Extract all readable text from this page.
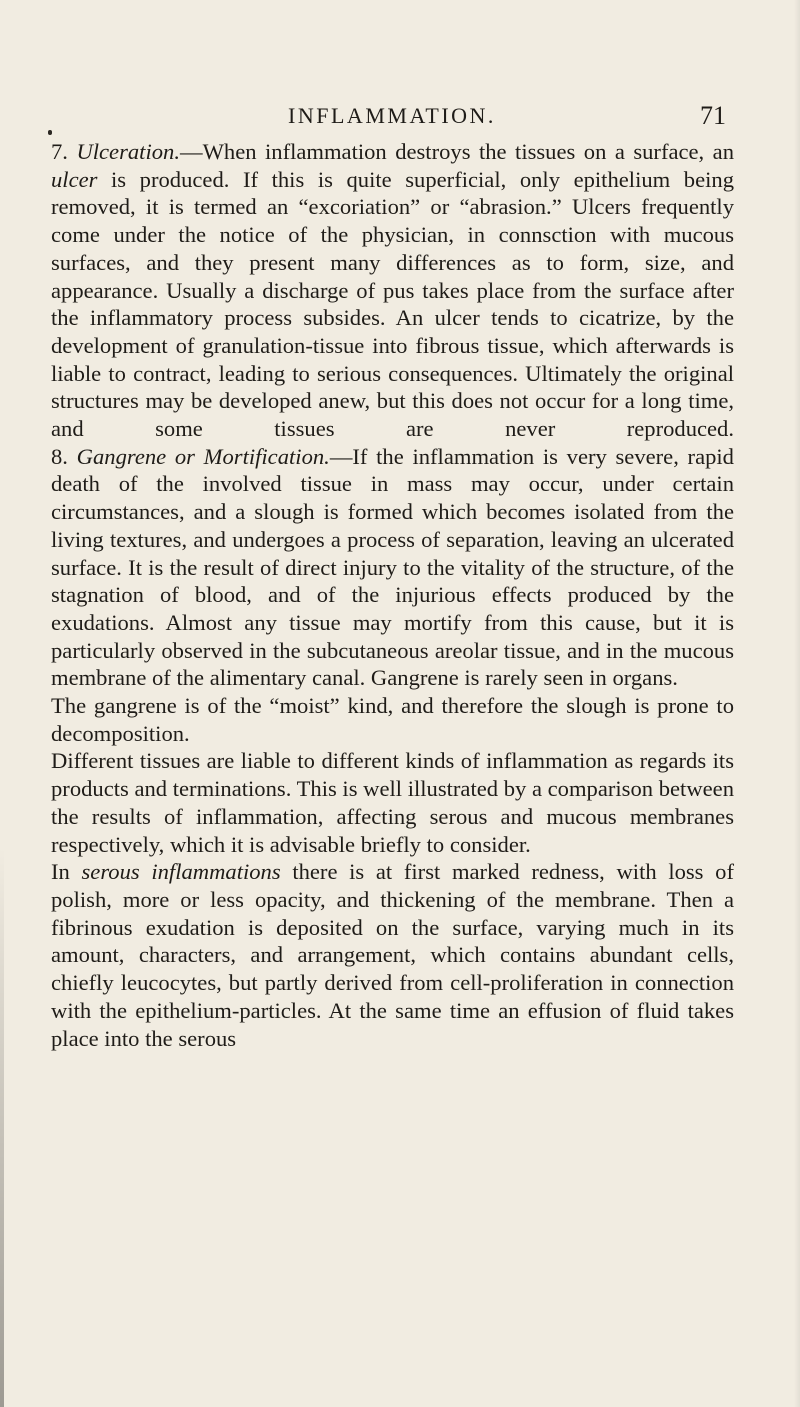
INFLAMMATION.	71

7. Ulceration.—When inflammation destroys the tissues on a surface, an ulcer is produced. If this is quite superficial, only epithelium being removed, it is termed an “excoriation” or “abrasion.” Ulcers frequently come under the notice of the physician, in connsction with mucous surfaces, and they present many differences as to form, size, and appearance. Usually a discharge of pus takes place from the surface after the inflammatory process subsides. An ulcer tends to cicatrize, by the development of granulation-tissue into fibrous tissue, which afterwards is liable to contract, leading to serious consequences. Ultimately the original structures may be developed anew, but this does not occur for a long time, and some tissues are never reproduced.

8. Gangrene or Mortification.—If the inflammation is very severe, rapid death of the involved tissue in mass may occur, under certain circumstances, and a slough is formed which becomes isolated from the living textures, and undergoes a process of separation, leaving an ulcerated surface. It is the result of direct injury to the vitality of the structure, of the stagnation of blood, and of the injurious effects produced by the exudations. Almost any tissue may mortify from this cause, but it is particularly observed in the subcutaneous areolar tissue, and in the mucous membrane of the alimentary canal. Gangrene is rarely seen in organs.

The gangrene is of the “moist” kind, and therefore the slough is prone to decomposition.

Different tissues are liable to different kinds of inflammation as regards its products and terminations. This is well illustrated by a comparison between the results of inflammation, affecting serous and mucous membranes respectively, which it is advisable briefly to consider.

In serous inflammations there is at first marked redness, with loss of polish, more or less opacity, and thickening of the membrane. Then a fibrinous exudation is deposited on the surface, varying much in its amount, characters, and arrangement, which contains abundant cells, chiefly leucocytes, but partly derived from cell-proliferation in connection with the epithelium-particles. At the same time an effusion of fluid takes place into the serous
